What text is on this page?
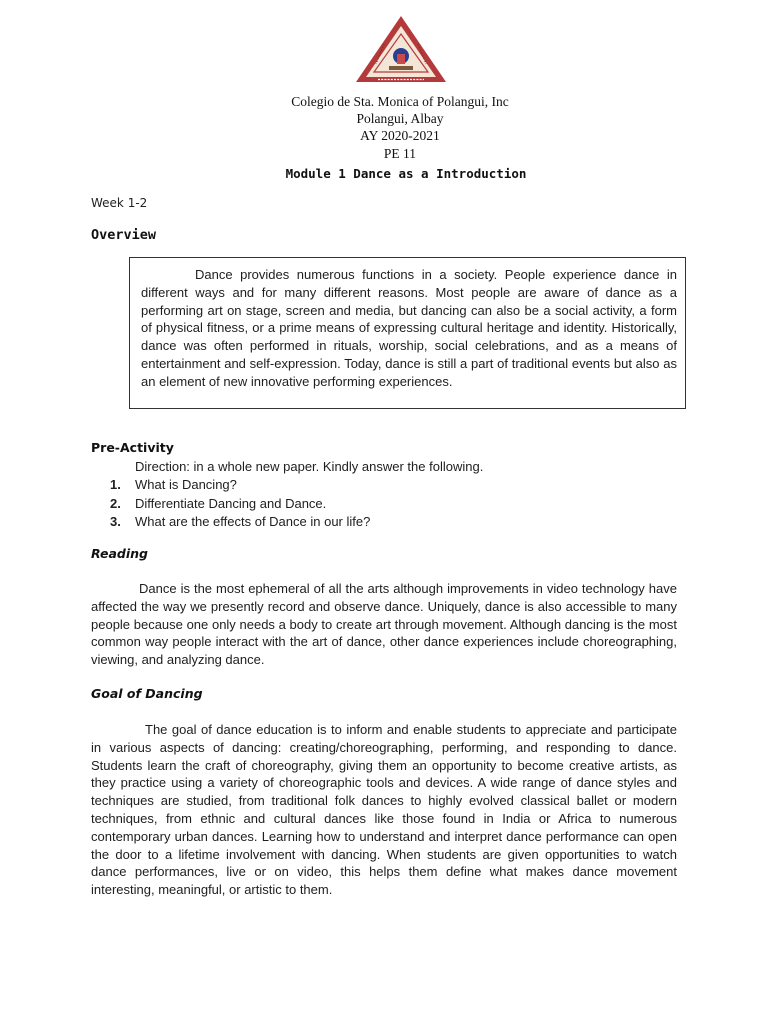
Colegio de Sta. Monica of Polangui, Inc
Polangui, Albay
AY 2020-2021
PE 11
Module 1 Dance as a Introduction
Week 1-2
Overview

Dance provides numerous functions in a society. People experience dance in different ways and for many different reasons. Most people are aware of dance as a performing art on stage, screen and media, but dancing can also be a social activity, a form of physical fitness, or a prime means of expressing cultural heritage and identity. Historically, dance was often performed in rituals, worship, social celebrations, and as a means of entertainment and self-expression. Today, dance is still a part of traditional events but also as an element of new innovative performing experiences.

Pre-Activity
Direction: in a whole new paper. Kindly answer the following.
1. What is Dancing?
2. Differentiate Dancing and Dance.
3. What are the effects of Dance in our life?
Reading

Dance is the most ephemeral of all the arts although improvements in video technology have affected the way we presently record and observe dance. Uniquely, dance is also accessible to many people because one only needs a body to create art through movement. Although dancing is the most common way people interact with the art of dance, other dance experiences include choreographing, viewing, and analyzing dance.

Goal of Dancing

The goal of dance education is to inform and enable students to appreciate and participate in various aspects of dancing: creating/choreographing, performing, and responding to dance. Students learn the craft of choreography, giving them an opportunity to become creative artists, as they practice using a variety of choreographic tools and devices. A wide range of dance styles and techniques are studied, from traditional folk dances to highly evolved classical ballet or modern techniques, from ethnic and cultural dances like those found in India or Africa to numerous contemporary urban dances. Learning how to understand and interpret dance performance can open the door to a lifetime involvement with dancing. When students are given opportunities to watch dance performances, live or on video, this helps them define what makes dance movement interesting, meaningful, or artistic to them.
